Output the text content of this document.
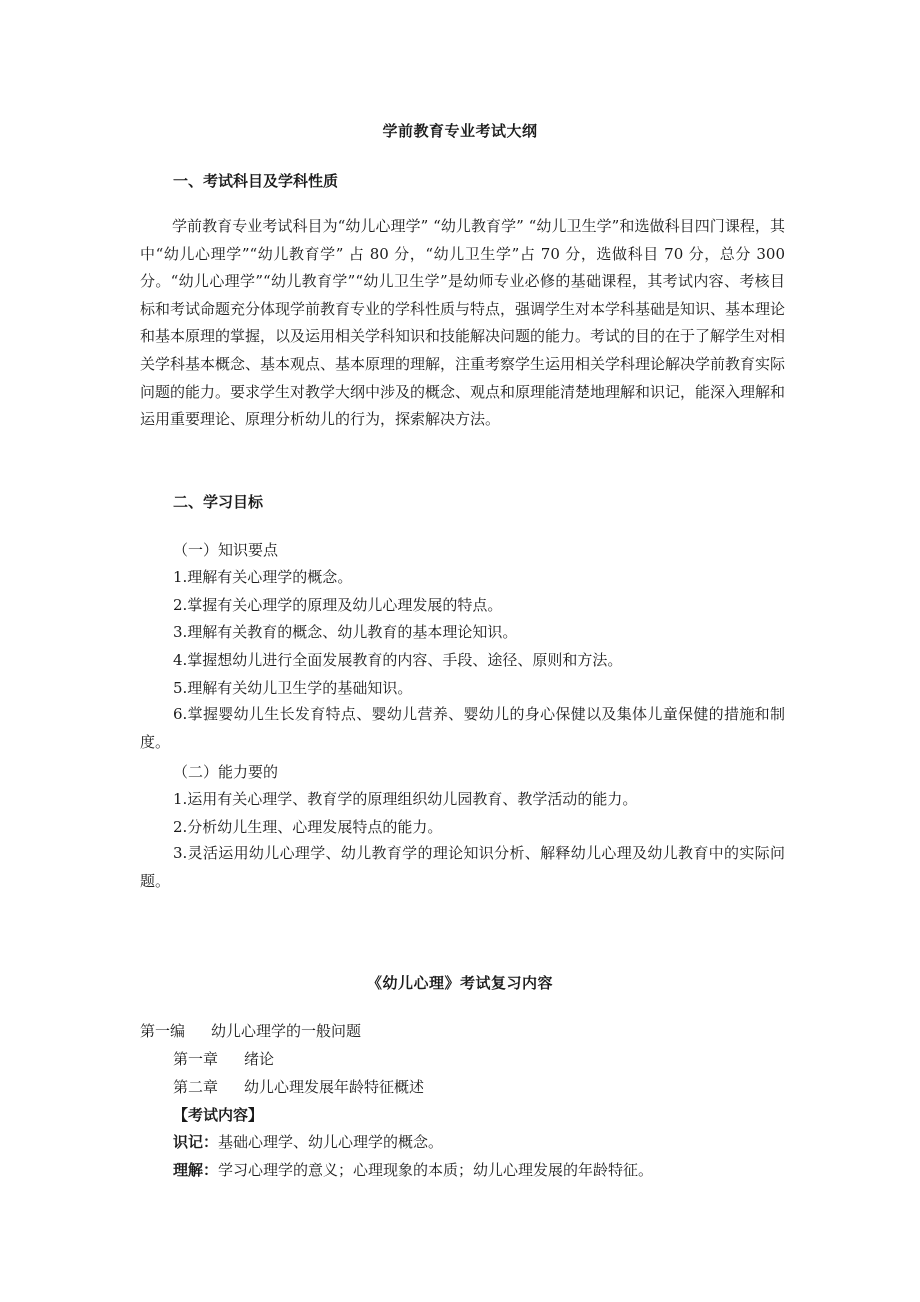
学前教育专业考试大纲
一、考试科目及学科性质
学前教育专业考试科目为“幼儿心理学” “幼儿教育学” “幼儿卫生学”和选做科目四门课程，其中“幼儿心理学”“幼儿教育学” 占 80 分，“幼儿卫生学”占 70 分，选做科目 70 分，总分 300 分。“幼儿心理学”“幼儿教育学”“幼儿卫生学”是幼师专业必修的基础课程，其考试内容、考核目标和考试命题充分体现学前教育专业的学科性质与特点，强调学生对本学科基础是知识、基本理论和基本原理的掌握，以及运用相关学科知识和技能解决问题的能力。考试的目的在于了解学生对相关学科基本概念、基本观点、基本原理的理解，注重考察学生运用相关学科理论解决学前教育实际问题的能力。要求学生对教学大纲中涉及的概念、观点和原理能清楚地理解和识记，能深入理解和运用重要理论、原理分析幼儿的行为，探索解决方法。
二、学习目标
（一）知识要点
1.理解有关心理学的概念。
2.掌握有关心理学的原理及幼儿心理发展的特点。
3.理解有关教育的概念、幼儿教育的基本理论知识。
4.掌握想幼儿进行全面发展教育的内容、手段、途径、原则和方法。
5.理解有关幼儿卫生学的基础知识。
6.掌握婴幼儿生长发育特点、婴幼儿营养、婴幼儿的身心保健以及集体儿童保健的措施和制度。
（二）能力要的
1.运用有关心理学、教育学的原理组织幼儿园教育、教学活动的能力。
2.分析幼儿生理、心理发展特点的能力。
3.灵活运用幼儿心理学、幼儿教育学的理论知识分析、解释幼儿心理及幼儿教育中的实际问题。
《幼儿心理》考试复习内容
第一编 幼儿心理学的一般问题
第一章 绪论
第二章 幼儿心理发展年龄特征概述
【考试内容】
识记：基础心理学、幼儿心理学的概念。
理解：学习心理学的意义；心理现象的本质；幼儿心理发展的年龄特征。
